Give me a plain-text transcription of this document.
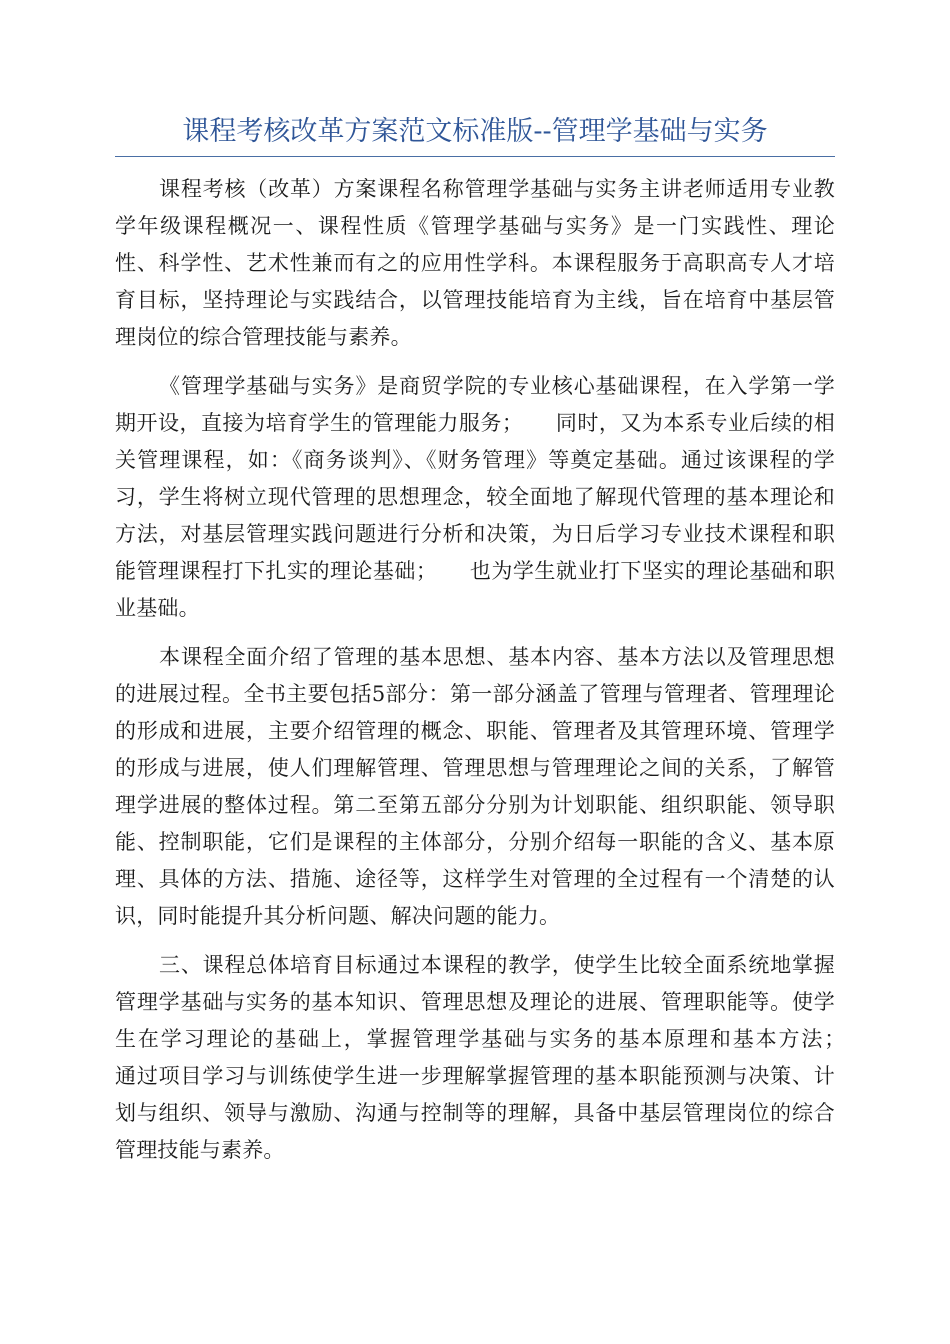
课程考核改革方案范文标准版--管理学基础与实务

课程考核（改革）方案课程名称管理学基础与实务主讲老师适用专业教学年级课程概况一、课程性质《管理学基础与实务》是一门实践性、理论性、科学性、艺术性兼而有之的应用性学科。本课程服务于高职高专人才培育目标，坚持理论与实践结合，以管理技能培育为主线，旨在培育中基层管理岗位的综合管理技能与素养。

《管理学基础与实务》是商贸学院的专业核心基础课程，在入学第一学期开设，直接为培育学生的管理能力服务；　　同时，又为本系专业后续的相关管理课程，如：《商务谈判》、《财务管理》等奠定基础。通过该课程的学习，学生将树立现代管理的思想理念，较全面地了解现代管理的基本理论和方法，对基层管理实践问题进行分析和决策，为日后学习专业技术课程和职能管理课程打下扎实的理论基础；　　也为学生就业打下坚实的理论基础和职业基础。

本课程全面介绍了管理的基本思想、基本内容、基本方法以及管理思想的进展过程。全书主要包括5部分：第一部分涵盖了管理与管理者、管理理论的形成和进展，主要介绍管理的概念、职能、管理者及其管理环境、管理学的形成与进展，使人们理解管理、管理思想与管理理论之间的关系，了解管理学进展的整体过程。第二至第五部分分别为计划职能、组织职能、领导职能、控制职能，它们是课程的主体部分，分别介绍每一职能的含义、基本原理、具体的方法、措施、途径等，这样学生对管理的全过程有一个清楚的认识，同时能提升其分析问题、解决问题的能力。

三、课程总体培育目标通过本课程的教学，使学生比较全面系统地掌握管理学基础与实务的基本知识、管理思想及理论的进展、管理职能等。使学生在学习理论的基础上，掌握管理学基础与实务的基本原理和基本方法；　　通过项目学习与训练使学生进一步理解掌握管理的基本职能预测与决策、计划与组织、领导与激励、沟通与控制等的理解，具备中基层管理岗位的综合管理技能与素养。
